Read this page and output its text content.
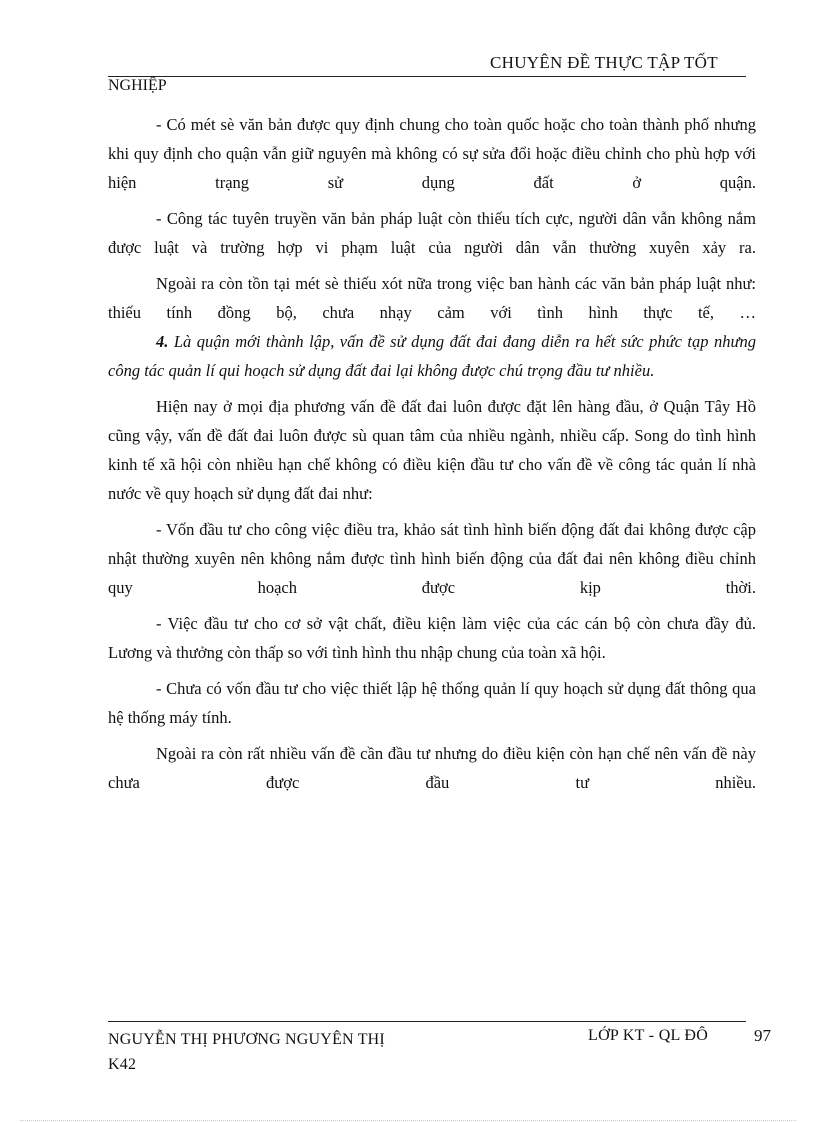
CHUYÊN ĐỀ THỰC TẬP TỐT
NGHIỆP

- Có mét sè văn bản được quy định chung cho toàn quốc hoặc cho toàn thành phố nhưng khi quy định cho quận vẫn giữ nguyên mà không có sự sửa đổi hoặc điều chỉnh cho phù hợp với hiện trạng sử dụng đất ở quận.

- Công tác tuyên truyền văn bản pháp luật còn thiếu tích cực, người dân vẫn không nắm được luật và trường hợp vi phạm luật của người dân vẫn thường xuyên xảy ra.

Ngoài ra còn tồn tại mét sè thiếu xót nữa trong việc ban hành các văn bản pháp luật như: thiếu tính đồng bộ, chưa nhạy cảm với tình hình thực tế, …

4. Là quận mới thành lập, vấn đề sử dụng đất đai đang diễn ra hết sức phức tạp nhưng công tác quản lí qui hoạch sử dụng đất đai lại không được chú trọng đầu tư nhiều.

Hiện nay ở mọi địa phương vấn đề đất đai luôn được đặt lên hàng đầu, ở Quận Tây Hồ cũng vậy, vấn đề đất đai luôn được sù quan tâm của nhiều ngành, nhiều cấp. Song do tình hình kinh tế xã hội còn nhiều hạn chế không có điều kiện đầu tư cho vấn đề về công tác quản lí nhà nước về quy hoạch sử dụng đất đai như:

- Vốn đầu tư cho công việc điều tra, khảo sát tình hình biến động đất đai không được cập nhật thường xuyên nên không nắm được tình hình biến động của đất đai nên không điều chỉnh quy hoạch được kịp thời.

- Việc đầu tư cho cơ sở vật chất, điều kiện làm việc của các cán bộ còn chưa đầy đủ. Lương và thưởng còn thấp so với tình hình thu nhập chung của toàn xã hội.

- Chưa có vốn đầu tư cho việc thiết lập hệ thống quản lí quy hoạch sử dụng đất thông qua hệ thống máy tính.

Ngoài ra còn rất nhiều vấn đề cần đầu tư nhưng do điều kiện còn hạn chế nên vấn đề này chưa được đầu tư nhiều.

NGUYỄN THỊ PHƯƠNG NGUYÊN THỊ K42
LỚP KT - QL ĐÔ	97
